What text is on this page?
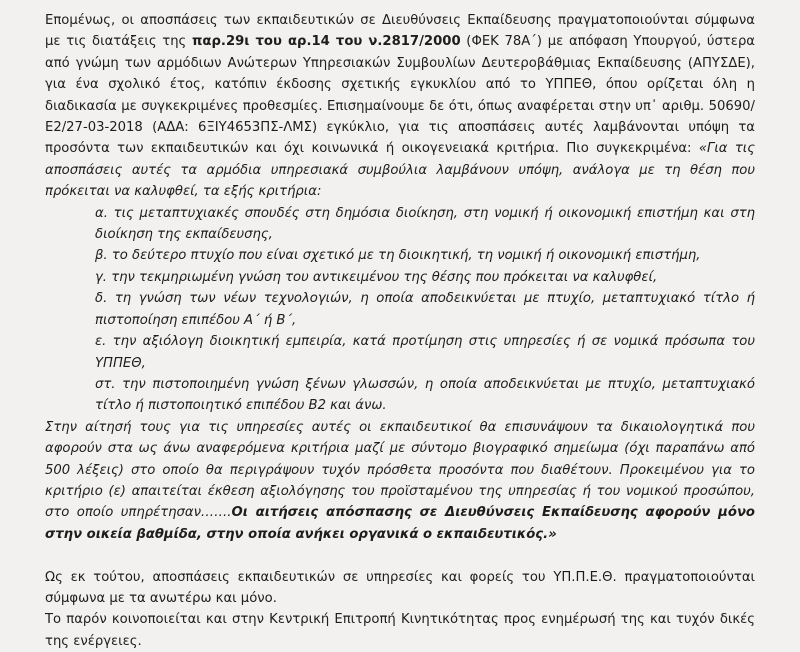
Επομένως, οι αποσπάσεις των εκπαιδευτικών σε Διευθύνσεις Εκπαίδευσης πραγματοποιούνται σύμφωνα με τις διατάξεις της παρ.29ι του αρ.14 του ν.2817/2000 (ΦΕΚ 78Α΄) με απόφαση Υπουργού, ύστερα από γνώμη των αρμόδιων Ανώτερων Υπηρεσιακών Συμβουλίων Δευτεροβάθμιας Εκπαίδευσης (ΑΠΥΣΔΕ), για ένα σχολικό έτος, κατόπιν έκδοσης σχετικής εγκυκλίου από το ΥΠΠΕΘ, όπου ορίζεται όλη η διαδικασία με συγκεκριμένες προθεσμίες. Επισημαίνουμε δε ότι, όπως αναφέρεται στην υπ᾽ αριθμ. 50690/Ε2/27-03-2018 (ΑΔΑ: 6ΞΙΥ4653ΠΣ-ΛΜΣ) εγκύκλιο, για τις αποσπάσεις αυτές λαμβάνονται υπόψη τα προσόντα των εκπαιδευτικών και όχι κοινωνικά ή οικογενειακά κριτήρια. Πιο συγκεκριμένα: «Για τις αποσπάσεις αυτές τα αρμόδια υπηρεσιακά συμβούλια λαμβάνουν υπόψη, ανάλογα με τη θέση που πρόκειται να καλυφθεί, τα εξής κριτήρια:

α. τις μεταπτυχιακές σπουδές στη δημόσια διοίκηση, στη νομική ή οικονομική επιστήμη και στη διοίκηση της εκπαίδευσης,
β. το δεύτερο πτυχίο που είναι σχετικό με τη διοικητική, τη νομική ή οικονομική επιστήμη,
γ. την τεκμηριωμένη γνώση του αντικειμένου της θέσης που πρόκειται να καλυφθεί,
δ. τη γνώση των νέων τεχνολογιών, η οποία αποδεικνύεται με πτυχίο, μεταπτυχιακό τίτλο ή πιστοποίηση επιπέδου Α΄ ή Β΄,
ε. την αξιόλογη διοικητική εμπειρία, κατά προτίμηση στις υπηρεσίες ή σε νομικά πρόσωπα του ΥΠΠΕΘ,
στ. την πιστοποιημένη γνώση ξένων γλωσσών, η οποία αποδεικνύεται με πτυχίο, μεταπτυχιακό τίτλο ή πιστοποιητικό επιπέδου Β2 και άνω.

Στην αίτησή τους για τις υπηρεσίες αυτές οι εκπαιδευτικοί θα επισυνάψουν τα δικαιολογητικά που αφορούν στα ως άνω αναφερόμενα κριτήρια μαζί με σύντομο βιογραφικό σημείωμα (όχι παραπάνω από 500 λέξεις) στο οποίο θα περιγράψουν τυχόν πρόσθετα προσόντα που διαθέτουν. Προκειμένου για το κριτήριο (ε) απαιτείται έκθεση αξιολόγησης του προϊσταμένου της υπηρεσίας ή του νομικού προσώπου, στο οποίο υπηρέτησαν…….Οι αιτήσεις απόσπασης σε Διευθύνσεις Εκπαίδευσης αφορούν μόνο στην οικεία βαθμίδα, στην οποία ανήκει οργανικά ο εκπαιδευτικός.»

Ως εκ τούτου, αποσπάσεις εκπαιδευτικών σε υπηρεσίες και φορείς του ΥΠ.Π.Ε.Θ. πραγματοποιούνται σύμφωνα με τα ανωτέρω και μόνο.

Το παρόν κοινοποιείται και στην Κεντρική Επιτροπή Κινητικότητας προς ενημέρωσή της και τυχόν δικές της ενέργειες.
